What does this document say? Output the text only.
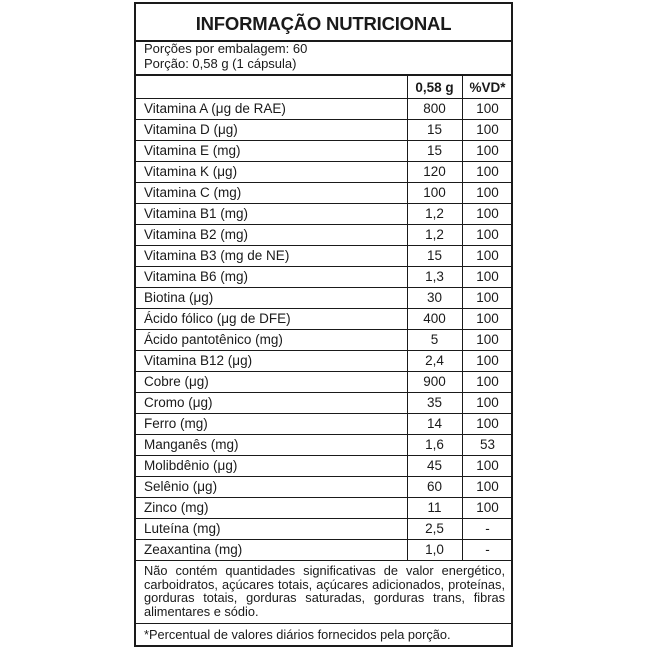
INFORMAÇÃO NUTRICIONAL
Porções por embalagem: 60
Porção: 0,58 g (1 cápsula)
0,58 g	%VD*
Vitamina A (μg de RAE)	800	100
Vitamina D (μg)	15	100
Vitamina E (mg)	15	100
Vitamina K (μg)	120	100
Vitamina C (mg)	100	100
Vitamina B1 (mg)	1,2	100
Vitamina B2 (mg)	1,2	100
Vitamina B3 (mg de NE)	15	100
Vitamina B6 (mg)	1,3	100
Biotina (μg)	30	100
Ácido fólico (μg de DFE)	400	100
Ácido pantotênico (mg)	5	100
Vitamina B12 (μg)	2,4	100
Cobre (μg)	900	100
Cromo (μg)	35	100
Ferro (mg)	14	100
Manganês (mg)	1,6	53
Molibdênio (μg)	45	100
Selênio (μg)	60	100
Zinco (mg)	11	100
Luteína (mg)	2,5	-
Zeaxantina (mg)	1,0	-
Não contém quantidades significativas de valor energético, carboidratos, açúcares totais, açúcares adicionados, proteínas, gorduras totais, gorduras saturadas, gorduras trans, fibras alimentares e sódio.
*Percentual de valores diários fornecidos pela porção.
